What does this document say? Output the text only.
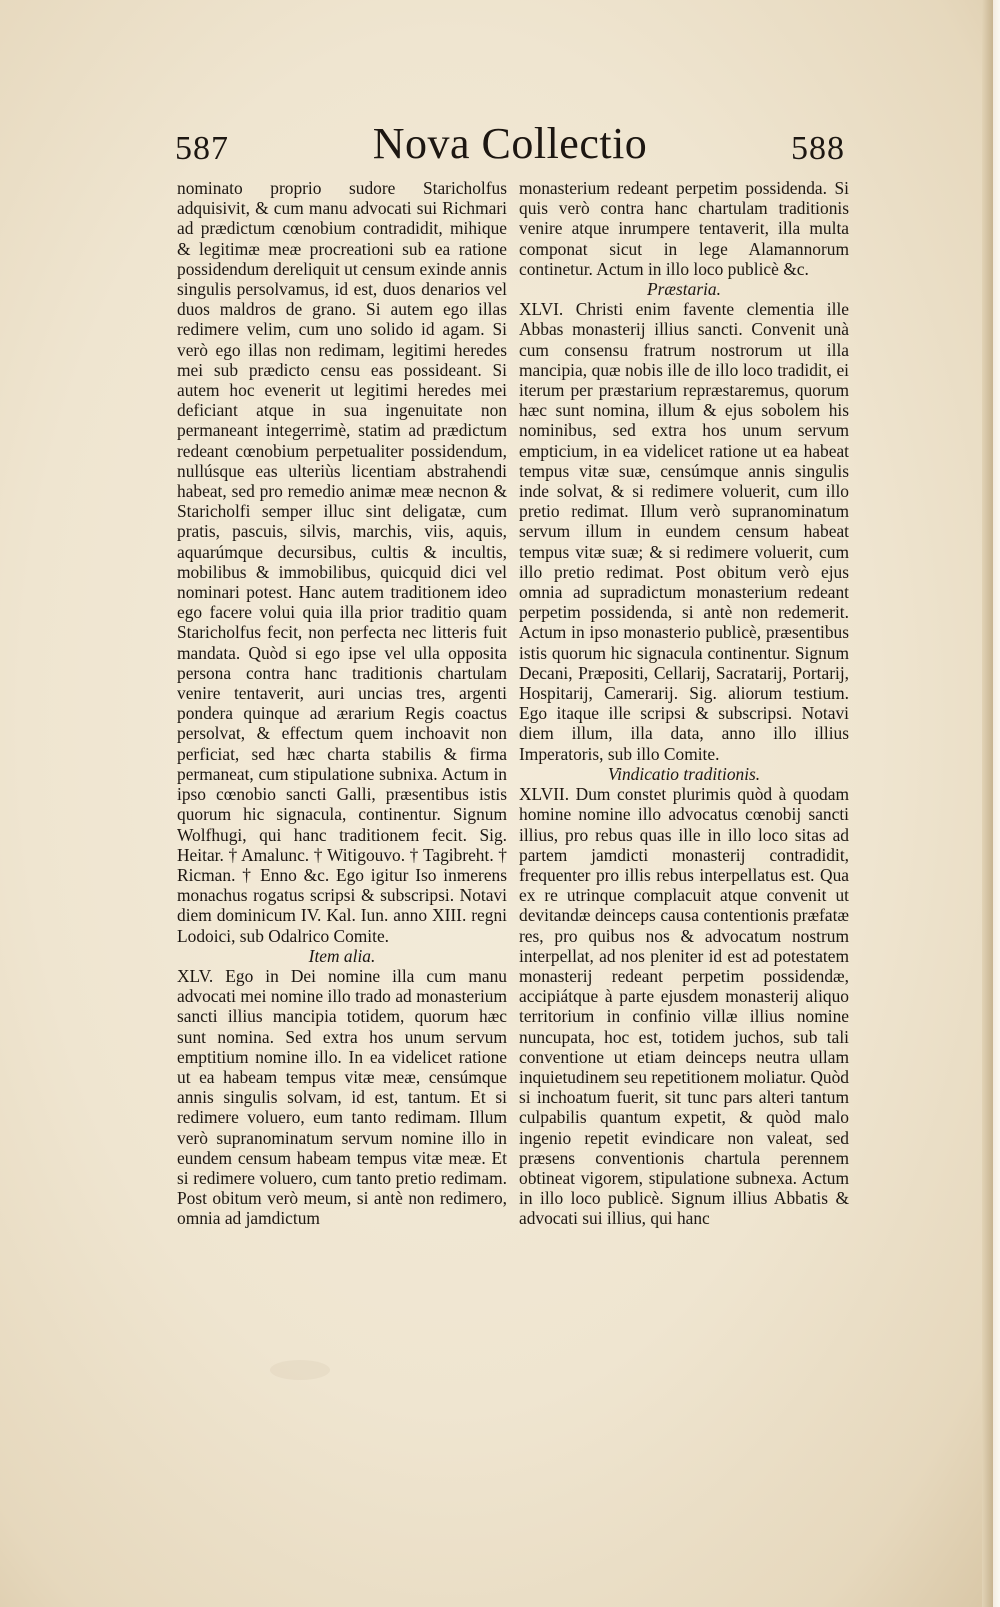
587	Nova Collectio	588

nominato proprio sudore Staricholfus adquisivit, & cum manu advocati sui Richmari ad prædictum cœnobium contradidit, mihique & legitimæ meæ procreationi sub ea ratione possidendum dereliquit ut censum exinde annis singulis persolvamus, id est, duos denarios vel duos maldros de grano. Si autem ego illas redimere velim, cum uno solido id agam. Si verò ego illas non redimam, legitimi heredes mei sub prædicto censu eas possideant. Si autem hoc evenerit ut legitimi heredes mei deficiant atque in sua ingenuitate non permaneant integerrimè, statim ad prædictum redeant cœnobium perpetualiter possidendum, nullúsque eas ulteriùs licentiam abstrahendi habeat, sed pro remedio animæ meæ necnon & Staricholfi semper illuc sint deligatæ, cum pratis, pascuis, silvis, marchis, viis, aquis, aquarúmque decursibus, cultis & incultis, mobilibus & immobilibus, quicquid dici vel nominari potest. Hanc autem traditionem ideo ego facere volui quia illa prior traditio quam Staricholfus fecit, non perfecta nec litteris fuit mandata. Quòd si ego ipse vel ulla opposita persona contra hanc traditionis chartulam venire tentaverit, auri uncias tres, argenti pondera quinque ad ærarium Regis coactus persolvat, & effectum quem inchoavit non perficiat, sed hæc charta stabilis & firma permaneat, cum stipulatione subnixa. Actum in ipso cœnobio sancti Galli, præsentibus istis quorum hic signacula, continentur. Signum Wolfhugi, qui hanc traditionem fecit. Sig. Heitar. † Amalunc. † Witigouvo. † Tagibreht. † Ricman. † Enno &c. Ego igitur Iso inmerens monachus rogatus scripsi & subscripsi. Notavi diem dominicum IV. Kal. Iun. anno XIII. regni Lodoici, sub Odalrico Comite.

Item alia.

XLV. Ego in Dei nomine illa cum manu advocati mei nomine illo trado ad monasterium sancti illius mancipia totidem, quorum hæc sunt nomina. Sed extra hos unum servum emptitium nomine illo. In ea videlicet ratione ut ea habeam tempus vitæ meæ, censúmque annis singulis solvam, id est, tantum. Et si redimere voluero, eum tanto redimam. Illum verò supranominatum servum nomine illo in eundem censum habeam tempus vitæ meæ. Et si redimere voluero, cum tanto pretio redimam. Post obitum verò meum, si antè non redimero, omnia ad jamdictum

monasterium redeant perpetim possidenda. Si quis verò contra hanc chartulam traditionis venire atque inrumpere tentaverit, illa multa componat sicut in lege Alamannorum continetur. Actum in illo loco publicè &c.

Præstaria.

XLVI. Christi enim favente clementia ille Abbas monasterij illius sancti. Convenit unà cum consensu fratrum nostrorum ut illa mancipia, quæ nobis ille de illo loco tradidit, ei iterum per præstarium repræstaremus, quorum hæc sunt nomina, illum & ejus sobolem his nominibus, sed extra hos unum servum empticium, in ea videlicet ratione ut ea habeat tempus vitæ suæ, censúmque annis singulis inde solvat, & si redimere voluerit, cum illo pretio redimat. Illum verò supranominatum servum illum in eundem censum habeat tempus vitæ suæ; & si redimere voluerit, cum illo pretio redimat. Post obitum verò ejus omnia ad supradictum monasterium redeant perpetim possidenda, si antè non redemerit. Actum in ipso monasterio publicè, præsentibus istis quorum hic signacula continentur. Signum Decani, Præpositi, Cellarij, Sacratarij, Portarij, Hospitarij, Camerarij. Sig. aliorum testium. Ego itaque ille scripsi & subscripsi. Notavi diem illum, illa data, anno illo illius Imperatoris, sub illo Comite.

Vindicatio traditionis.

XLVII. Dum constet plurimis quòd à quodam homine nomine illo advocatus cœnobij sancti illius, pro rebus quas ille in illo loco sitas ad partem jamdicti monasterij contradidit, frequenter pro illis rebus interpellatus est. Qua ex re utrinque complacuit atque convenit ut devitandæ deinceps causa contentionis præfatæ res, pro quibus nos & advocatum nostrum interpellat, ad nos pleniter id est ad potestatem monasterij redeant perpetim possidendæ, accipiátque à parte ejusdem monasterij aliquo territorium in confinio villæ illius nomine nuncupata, hoc est, totidem juchos, sub tali conventione ut etiam deinceps neutra ullam inquietudinem seu repetitionem moliatur. Quòd si inchoatum fuerit, sit tunc pars alteri tantum culpabilis quantum expetit, & quòd malo ingenio repetit evindicare non valeat, sed præsens conventionis chartula perennem obtineat vigorem, stipulatione subnexa. Actum in illo loco publicè. Signum illius Abbatis & advocati sui illius, qui hanc
